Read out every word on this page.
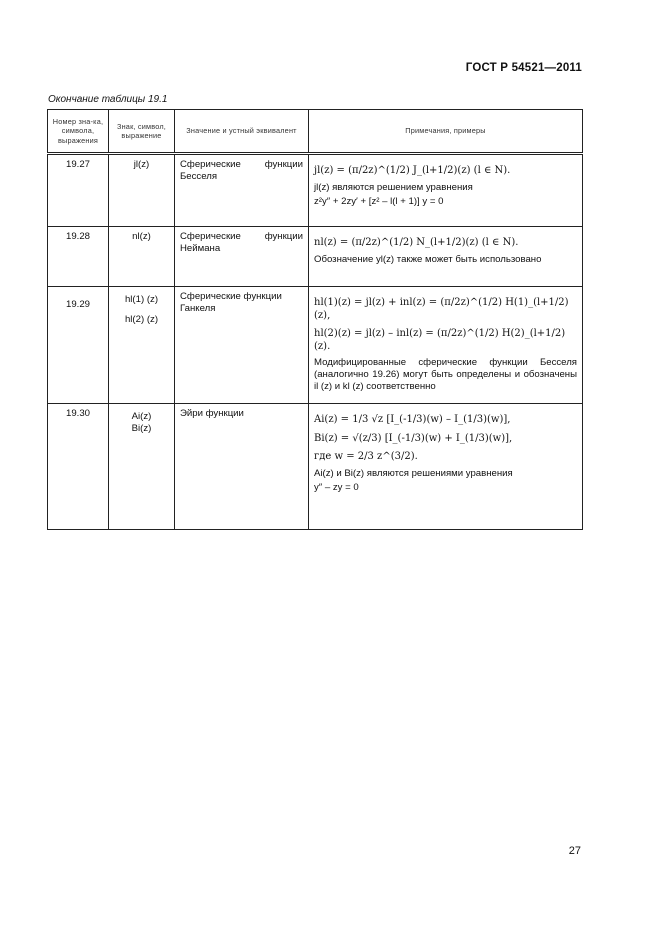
ГОСТ Р 54521—2011
Окончание таблицы 19.1
Номер зна-ка, символа, выражения	Знак, символ, выражение	Значение и устный эквивалент	Примечания, примеры
19.27	jl(z)	Сферические функции Бесселя	jl(z) = (π/2z)^(1/2) J_(l+1/2)(z) (l ∈ N).
jl(z) являются решением уравнения
z²y″ + 2zy′ + [z² – l(l + 1)] y = 0

19.28	nl(z)	Сферические функции Неймана	nl(z) = (π/2z)^(1/2) N_(l+1/2)(z) (l ∈ N).
Обозначение yl(z) также может быть использовано

19.29	hl(1) (z)
hl(2) (z)	Сферические функции Ганкеля	hl(1)(z) = jl(z) + inl(z) = (π/2z)^(1/2) H(1)_(l+1/2)(z),
hl(2)(z) = jl(z) – inl(z) = (π/2z)^(1/2) H(2)_(l+1/2)(z).
Модифицированные сферические функции Бесселя (аналогично 19.26) могут быть определены и обозначены il (z) и kl (z) соответственно

19.30	Ai(z)
Bi(z)	Эйри функции	Ai(z) = 1/3 √z [I_(-1/3)(w) – I_(1/3)(w)],
Bi(z) = √(z/3) [I_(-1/3)(w) + I_(1/3)(w)],
где w = 2/3 z^(3/2).
Ai(z) и Bi(z) являются решениями уравнения
y″ – zy = 0
27
